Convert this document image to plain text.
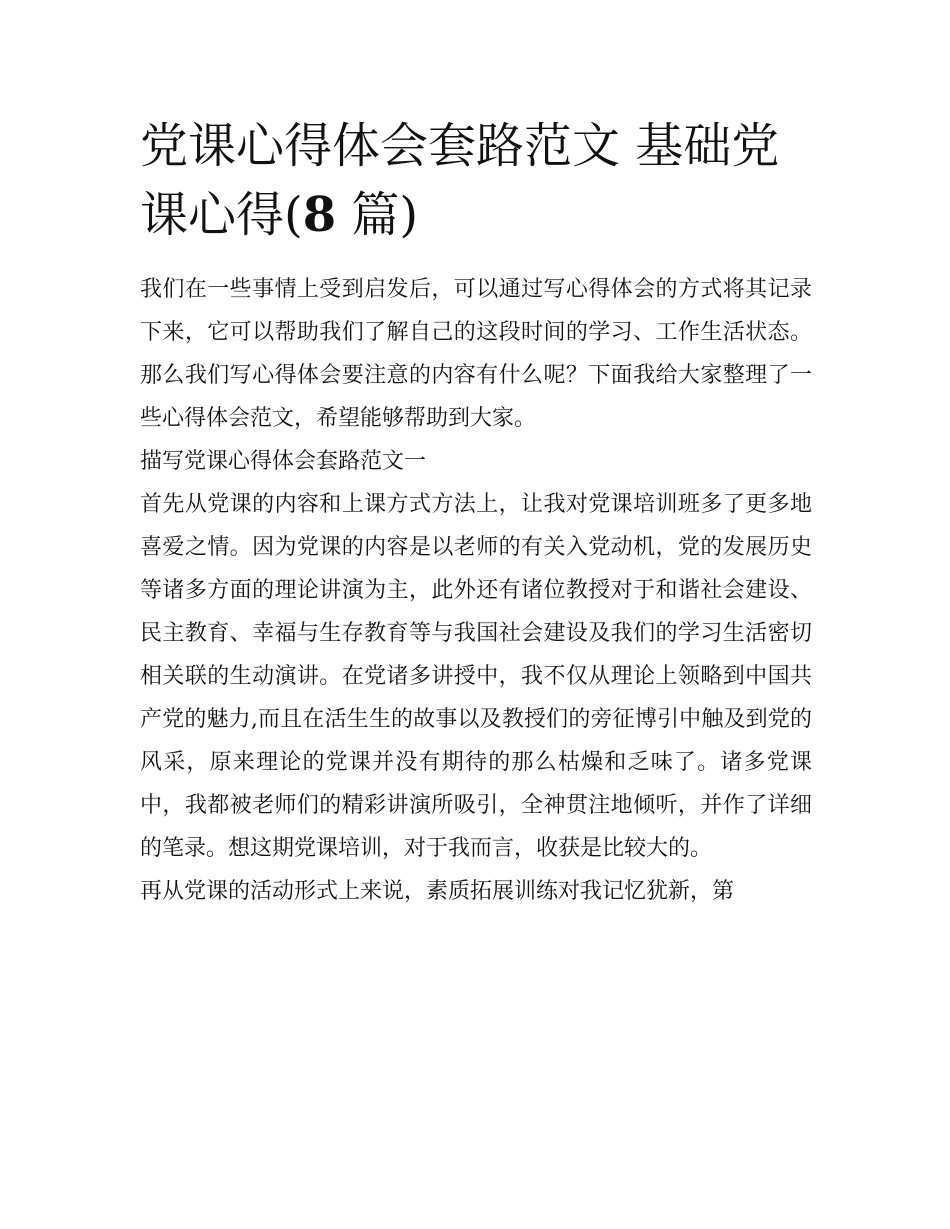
党课心得体会套路范文 基础党课心得(8 篇)

我们在一些事情上受到启发后，可以通过写心得体会的方式将其记录下来，它可以帮助我们了解自己的这段时间的学习、工作生活状态。那么我们写心得体会要注意的内容有什么呢？下面我给大家整理了一些心得体会范文，希望能够帮助到大家。

描写党课心得体会套路范文一

首先从党课的内容和上课方式方法上，让我对党课培训班多了更多地喜爱之情。因为党课的内容是以老师的有关入党动机，党的发展历史等诸多方面的理论讲演为主，此外还有诸位教授对于和谐社会建设、民主教育、幸福与生存教育等与我国社会建设及我们的学习生活密切相关联的生动演讲。在党诸多讲授中，我不仅从理论上领略到中国共产党的魅力,而且在活生生的故事以及教授们的旁征博引中触及到党的风采，原来理论的党课并没有期待的那么枯燥和乏味了。诸多党课中，我都被老师们的精彩讲演所吸引，全神贯注地倾听，并作了详细的笔录。想这期党课培训，对于我而言，收获是比较大的。

再从党课的活动形式上来说，素质拓展训练对我记忆犹新，第
